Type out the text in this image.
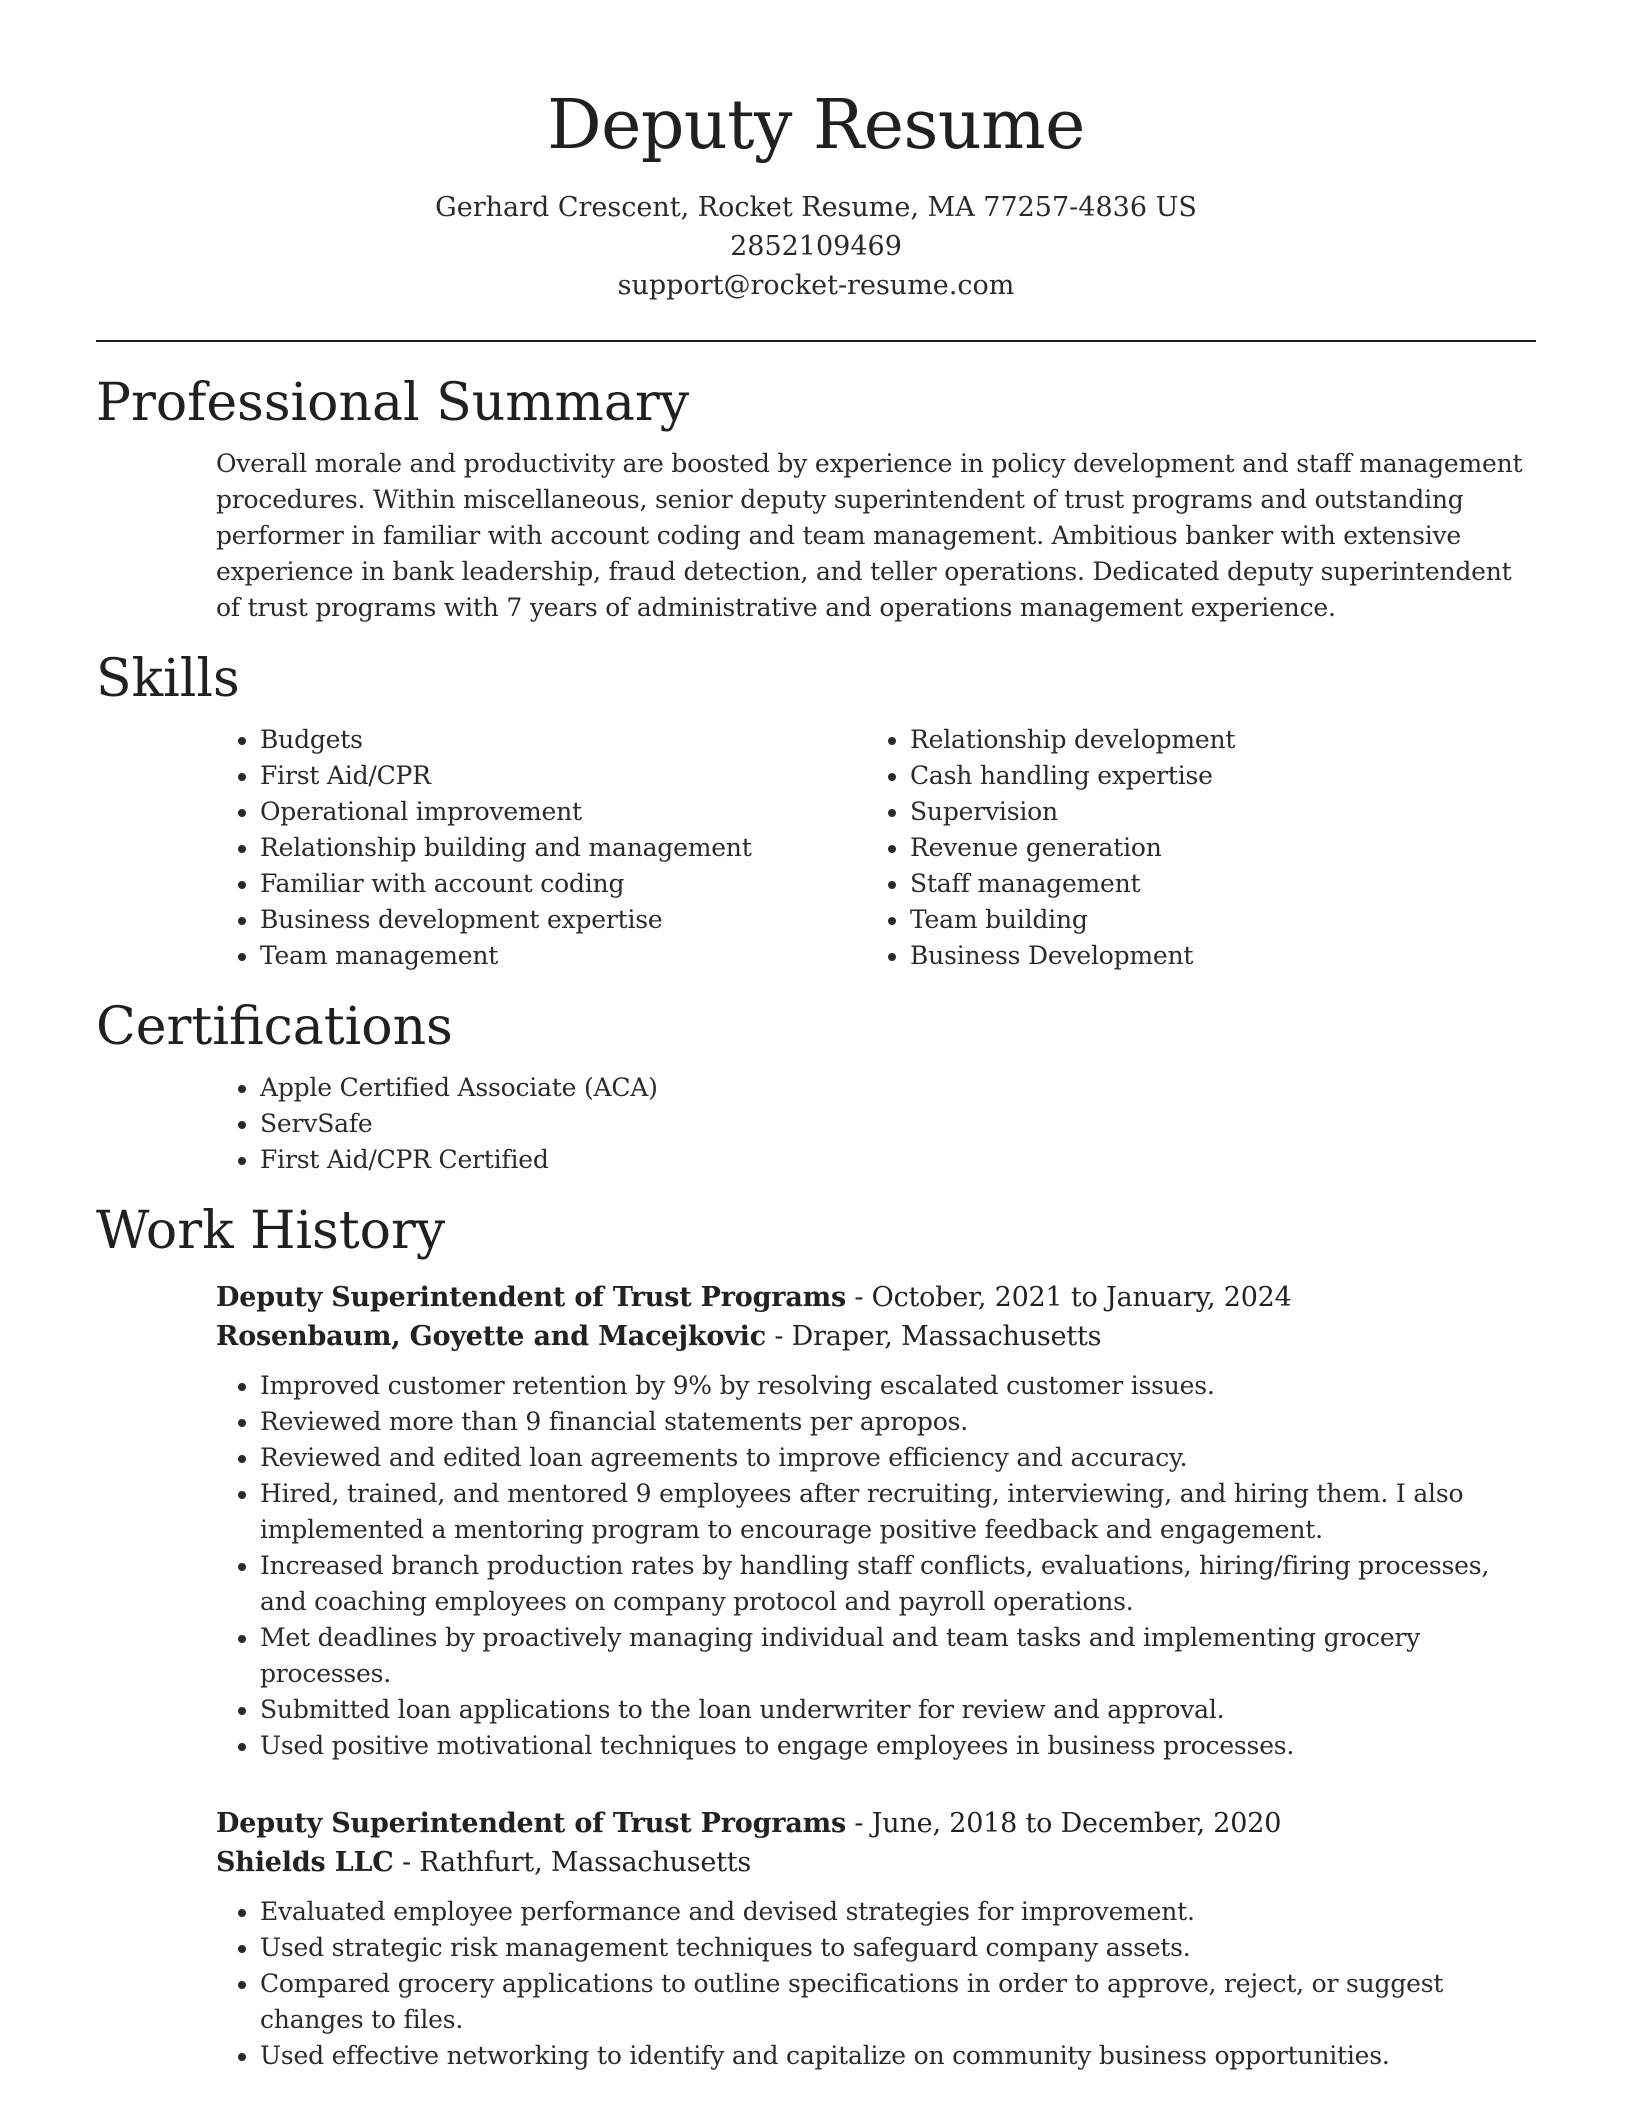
Deputy Resume
Gerhard Crescent, Rocket Resume, MA 77257-4836 US
2852109469
support@rocket-resume.com
Professional Summary
Overall morale and productivity are boosted by experience in policy development and staff management procedures. Within miscellaneous, senior deputy superintendent of trust programs and outstanding performer in familiar with account coding and team management. Ambitious banker with extensive experience in bank leadership, fraud detection, and teller operations. Dedicated deputy superintendent of trust programs with 7 years of administrative and operations management experience.
Skills
• Budgets
• First Aid/CPR
• Operational improvement
• Relationship building and management
• Familiar with account coding
• Business development expertise
• Team management
• Relationship development
• Cash handling expertise
• Supervision
• Revenue generation
• Staff management
• Team building
• Business Development
Certifications
• Apple Certified Associate (ACA)
• ServSafe
• First Aid/CPR Certified
Work History
Deputy Superintendent of Trust Programs - October, 2021 to January, 2024
Rosenbaum, Goyette and Macejkovic - Draper, Massachusetts
• Improved customer retention by 9% by resolving escalated customer issues.
• Reviewed more than 9 financial statements per apropos.
• Reviewed and edited loan agreements to improve efficiency and accuracy.
• Hired, trained, and mentored 9 employees after recruiting, interviewing, and hiring them. I also implemented a mentoring program to encourage positive feedback and engagement.
• Increased branch production rates by handling staff conflicts, evaluations, hiring/firing processes, and coaching employees on company protocol and payroll operations.
• Met deadlines by proactively managing individual and team tasks and implementing grocery processes.
• Submitted loan applications to the loan underwriter for review and approval.
• Used positive motivational techniques to engage employees in business processes.
Deputy Superintendent of Trust Programs - June, 2018 to December, 2020
Shields LLC - Rathfurt, Massachusetts
• Evaluated employee performance and devised strategies for improvement.
• Used strategic risk management techniques to safeguard company assets.
• Compared grocery applications to outline specifications in order to approve, reject, or suggest changes to files.
• Used effective networking to identify and capitalize on community business opportunities.
